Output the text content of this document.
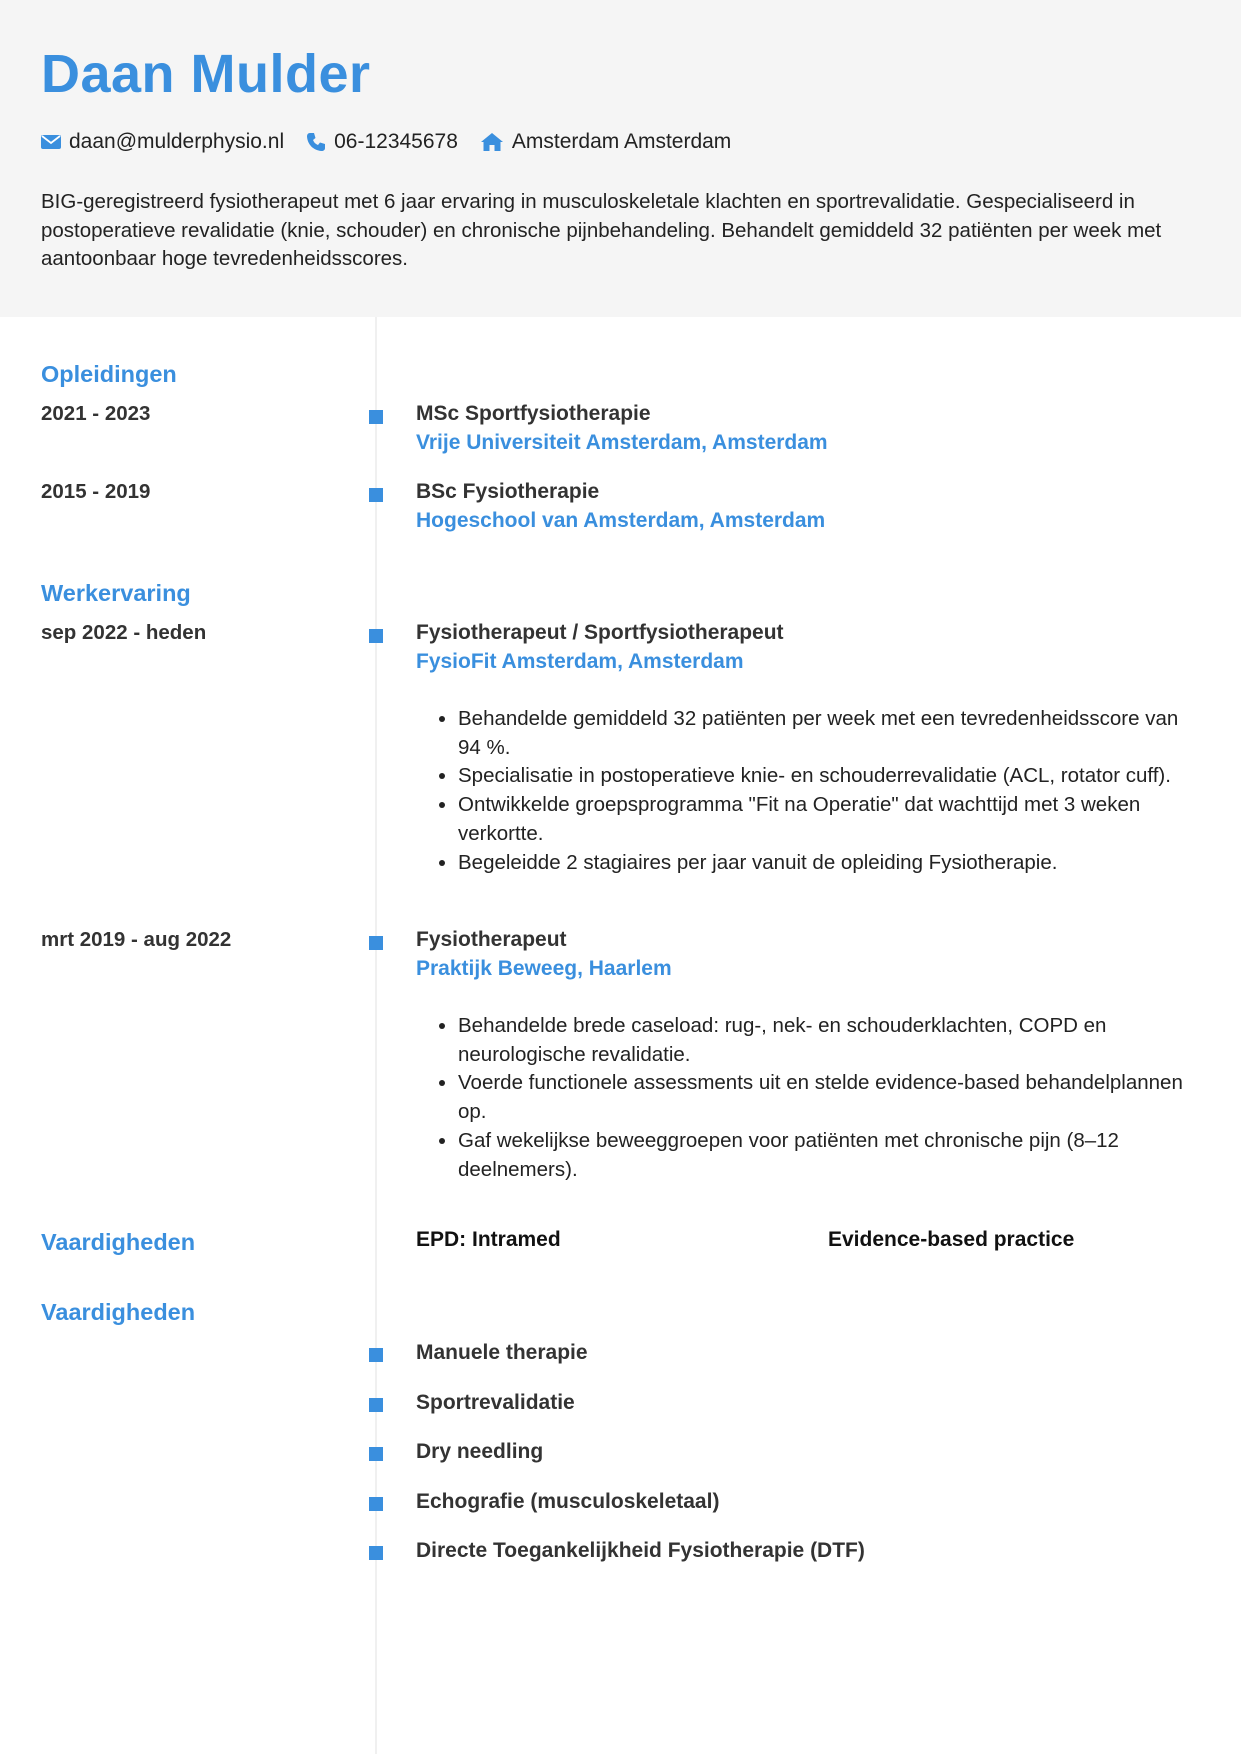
Daan Mulder
daan@mulderphysio.nl 06-12345678	Amsterdam Amsterdam

BIG-geregistreerd fysiotherapeut met 6 jaar ervaring in musculoskeletale klachten en sportrevalidatie. Gespecialiseerd in postoperatieve revalidatie (knie, schouder) en chronische pijnbehandeling. Behandelt gemiddeld 32 patiënten per week met aantoonbaar hoge tevredenheidsscores.

Opleidingen
2021 - 2023	MSc Sportfysiotherapie
Vrije Universiteit Amsterdam, Amsterdam
2015 - 2019	BSc Fysiotherapie
Hogeschool van Amsterdam, Amsterdam
Werkervaring
sep 2022 - heden	Fysiotherapeut / Sportfysiotherapeut
FysioFit Amsterdam, Amsterdam
• Behandelde gemiddeld 32 patiënten per week met een tevredenheidsscore van 94 %.
• Specialisatie in postoperatieve knie- en schouderrevalidatie (ACL, rotator cuff).
• Ontwikkelde groepsprogramma "Fit na Operatie" dat wachttijd met 3 weken verkortte.
• Begeleidde 2 stagiaires per jaar vanuit de opleiding Fysiotherapie.
mrt 2019 - aug 2022	Fysiotherapeut
Praktijk Beweeg, Haarlem
• Behandelde brede caseload: rug-, nek- en schouderklachten, COPD en neurologische revalidatie.
• Voerde functionele assessments uit en stelde evidence-based behandelplannen op.
• Gaf wekelijkse beweeggroepen voor patiënten met chronische pijn (8–12 deelnemers).
Vaardigheden	EPD: Intramed	Evidence-based practice
Vaardigheden
Manuele therapie
Sportrevalidatie
Dry needling
Echografie (musculoskeletaal)
Directe Toegankelijkheid Fysiotherapie (DTF)
